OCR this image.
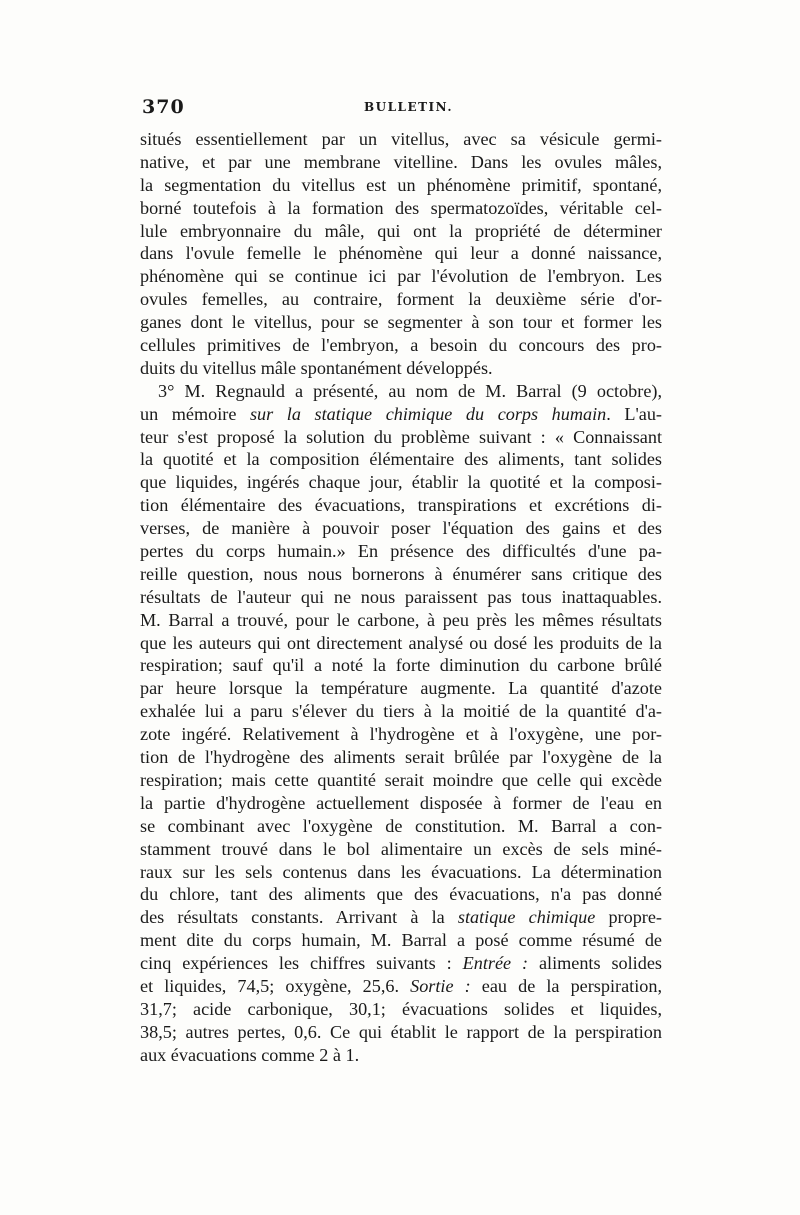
370	BULLETIN.
situés essentiellement par un vitellus, avec sa vésicule germi-
native, et par une membrane vitelline. Dans les ovules mâles,
la segmentation du vitellus est un phénomène primitif, spontané,
borné toutefois à la formation des spermatozoïdes, véritable cel-
lule embryonnaire du mâle, qui ont la propriété de déterminer
dans l'ovule femelle le phénomène qui leur a donné naissance,
phénomène qui se continue ici par l'évolution de l'embryon. Les
ovules femelles, au contraire, forment la deuxième série d'or-
ganes dont le vitellus, pour se segmenter à son tour et former les
cellules primitives de l'embryon, a besoin du concours des pro-
duits du vitellus mâle spontanément développés.
3° M. Regnauld a présenté, au nom de M. Barral (9 octobre),
un mémoire sur la statique chimique du corps humain. L'au-
teur s'est proposé la solution du problème suivant : « Connaissant
la quotité et la composition élémentaire des aliments, tant solides
que liquides, ingérés chaque jour, établir la quotité et la composi-
tion élémentaire des évacuations, transpirations et excrétions di-
verses, de manière à pouvoir poser l'équation des gains et des
pertes du corps humain.» En présence des difficultés d'une pa-
reille question, nous nous bornerons à énumérer sans critique des
résultats de l'auteur qui ne nous paraissent pas tous inattaquables.
M. Barral a trouvé, pour le carbone, à peu près les mêmes résultats
que les auteurs qui ont directement analysé ou dosé les produits de la
respiration; sauf qu'il a noté la forte diminution du carbone brûlé
par heure lorsque la température augmente. La quantité d'azote
exhalée lui a paru s'élever du tiers à la moitié de la quantité d'a-
zote ingéré. Relativement à l'hydrogène et à l'oxygène, une por-
tion de l'hydrogène des aliments serait brûlée par l'oxygène de la
respiration; mais cette quantité serait moindre que celle qui excède
la partie d'hydrogène actuellement disposée à former de l'eau en
se combinant avec l'oxygène de constitution. M. Barral a con-
stamment trouvé dans le bol alimentaire un excès de sels miné-
raux sur les sels contenus dans les évacuations. La détermination
du chlore, tant des aliments que des évacuations, n'a pas donné
des résultats constants. Arrivant à la statique chimique propre-
ment dite du corps humain, M. Barral a posé comme résumé de
cinq expériences les chiffres suivants : Entrée : aliments solides
et liquides, 74,5; oxygène, 25,6. Sortie : eau de la perspiration,
31,7; acide carbonique, 30,1; évacuations solides et liquides,
38,5; autres pertes, 0,6. Ce qui établit le rapport de la perspiration
aux évacuations comme 2 à 1.
